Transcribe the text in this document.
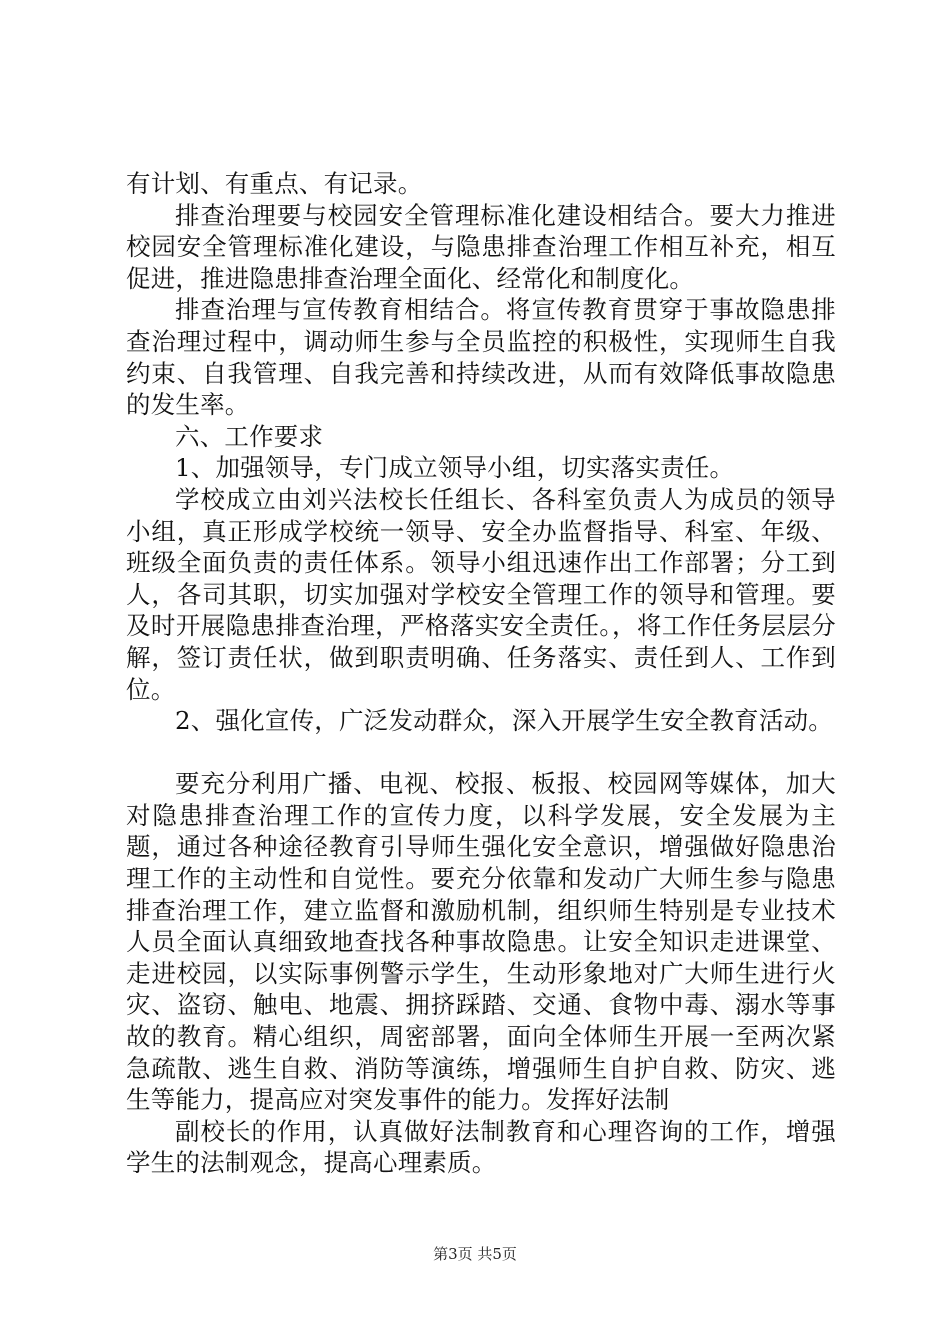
有计划、有重点、有记录。

排查治理要与校园安全管理标准化建设相结合。要大力推进校园安全管理标准化建设，与隐患排查治理工作相互补充，相互促进，推进隐患排查治理全面化、经常化和制度化。

排查治理与宣传教育相结合。将宣传教育贯穿于事故隐患排查治理过程中，调动师生参与全员监控的积极性，实现师生自我约束、自我管理、自我完善和持续改进，从而有效降低事故隐患的发生率。

六、工作要求

1、加强领导，专门成立领导小组，切实落实责任。

学校成立由刘兴法校长任组长、各科室负责人为成员的领导小组，真正形成学校统一领导、安全办监督指导、科室、年级、班级全面负责的责任体系。领导小组迅速作出工作部署；分工到人，各司其职，切实加强对学校安全管理工作的领导和管理。要及时开展隐患排查治理，严格落实安全责任。，将工作任务层层分解，签订责任状，做到职责明确、任务落实、责任到人、工作到位。

2、强化宣传，广泛发动群众，深入开展学生安全教育活动。

要充分利用广播、电视、校报、板报、校园网等媒体，加大对隐患排查治理工作的宣传力度，以科学发展，安全发展为主题，通过各种途径教育引导师生强化安全意识，增强做好隐患治理工作的主动性和自觉性。要充分依靠和发动广大师生参与隐患排查治理工作，建立监督和激励机制，组织师生特别是专业技术人员全面认真细致地查找各种事故隐患。让安全知识走进课堂、走进校园，以实际事例警示学生，生动形象地对广大师生进行火灾、盗窃、触电、地震、拥挤踩踏、交通、食物中毒、溺水等事故的教育。精心组织，周密部署，面向全体师生开展一至两次紧急疏散、逃生自救、消防等演练，增强师生自护自救、防灾、逃生等能力，提高应对突发事件的能力。发挥好法制

副校长的作用，认真做好法制教育和心理咨询的工作，增强学生的法制观念，提高心理素质。

第3页 共5页
